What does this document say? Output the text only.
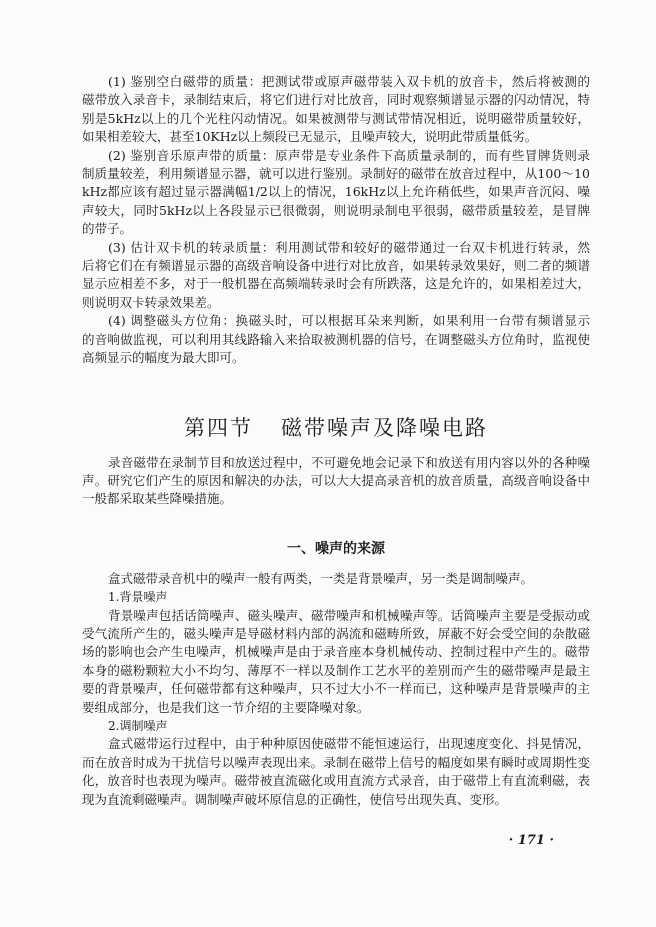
(1) 鉴别空白磁带的质量：把测试带或原声磁带装入双卡机的放音卡，然后将被测的
磁带放入录音卡，录制结束后，将它们进行对比放音，同时观察频谱显示器的闪动情况，特
别是5kHz以上的几个光柱闪动情况。如果被测带与测试带情况相近，说明磁带质量较好，
如果相差较大，甚至10KHz以上频段已无显示，且噪声较大，说明此带质量低劣。
(2) 鉴别音乐原声带的质量：原声带是专业条件下高质量录制的，而有些冒牌货则录
制质量较差，利用频谱显示器，就可以进行鉴别。录制好的磁带在放音过程中，从100～10
kHz都应该有超过显示器满幅1/2以上的情况，16kHz以上允许稍低些，如果声音沉闷、噪
声较大，同时5kHz以上各段显示已很微弱，则说明录制电平很弱，磁带质量较差，是冒牌
的带子。
(3) 估计双卡机的转录质量：利用测试带和较好的磁带通过一台双卡机进行转录，然
后将它们在有频谱显示器的高级音响设备中进行对比放音，如果转录效果好，则二者的频谱
显示应相差不多，对于一般机器在高频端转录时会有所跌落，这是允许的，如果相差过大，
则说明双卡转录效果差。
(4) 调整磁头方位角：换磁头时，可以根据耳朵来判断，如果利用一台带有频谱显示
的音响做监视，可以利用其线路输入来拾取被测机器的信号，在调整磁头方位角时，监视使
高频显示的幅度为最大即可。
第四节 磁带噪声及降噪电路
录音磁带在录制节目和放送过程中，不可避免地会记录下和放送有用内容以外的各种噪
声。研究它们产生的原因和解决的办法，可以大大提高录音机的放音质量，高级音响设备中
一般都采取某些降噪措施。
一、噪声的来源
盒式磁带录音机中的噪声一般有两类，一类是背景噪声，另一类是调制噪声。
1.背景噪声
背景噪声包括话筒噪声、磁头噪声、磁带噪声和机械噪声等。话筒噪声主要是受振动或
受气流所产生的，磁头噪声是导磁材料内部的涡流和磁畴所致，屏蔽不好会受空间的杂散磁
场的影响也会产生电噪声，机械噪声是由于录音座本身机械传动、控制过程中产生的。磁带
本身的磁粉颗粒大小不均匀、薄厚不一样以及制作工艺水平的差别而产生的磁带噪声是最主
要的背景噪声，任何磁带都有这种噪声，只不过大小不一样而已，这种噪声是背景噪声的主
要组成部分，也是我们这一节介绍的主要降噪对象。
2.调制噪声
盒式磁带运行过程中，由于种种原因使磁带不能恒速运行，出现速度变化、抖晃情况，
而在放音时成为干扰信号以噪声表现出来。录制在磁带上信号的幅度如果有瞬时或周期性变
化，放音时也表现为噪声。磁带被直流磁化或用直流方式录音，由于磁带上有直流剩磁，表
现为直流剩磁噪声。调制噪声破坏原信息的正确性，使信号出现失真、变形。
· 171 ·
